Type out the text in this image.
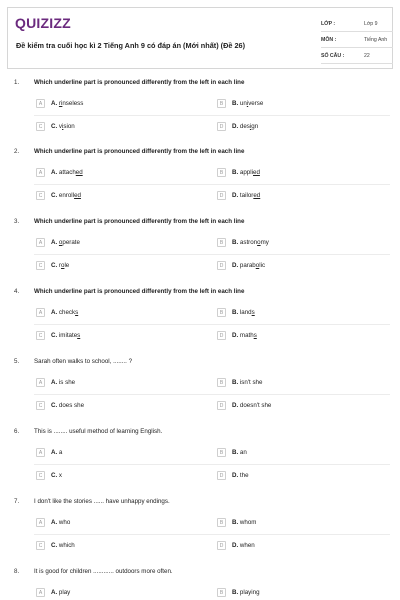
QUIZIZZ
Đề kiểm tra cuối học kì 2 Tiếng Anh 9 có đáp án (Mới nhất) (Đề 26)
LỚP :	Lớp 9
MÔN :	Tiếng Anh
SỐ CÂU :	22
1. Which underline part is pronounced differently from the left in each line
A	A. rinseless	B	B. universe
C	C. vision	D	D. design
2. Which underline part is pronounced differently from the left in each line
A	A. attached	B	B. applied
C	C. enrolled	D	D. tailored
3. Which underline part is pronounced differently from the left in each line
A	A. operate	B	B. astronomy
C	C. role	D	D. parabolic
4. Which underline part is pronounced differently from the left in each line
A	A. checks	B	B. lands
C	C. imitates	D	D. maths
5. Sarah often walks to school, ........ ?
A	A. is she	B	B. isn't she
C	C. does she	D	D. doesn't she
6. This is ........ useful method of learning English.
A	A. a	B	B. an
C	C. x	D	D. the
7. I don't like the stories ...... have unhappy endings.
A	A. who	B	B. whom
C	C. which	D	D. when
8. It is good for children ............ outdoors more often.
A	A. play	B	B. playing
